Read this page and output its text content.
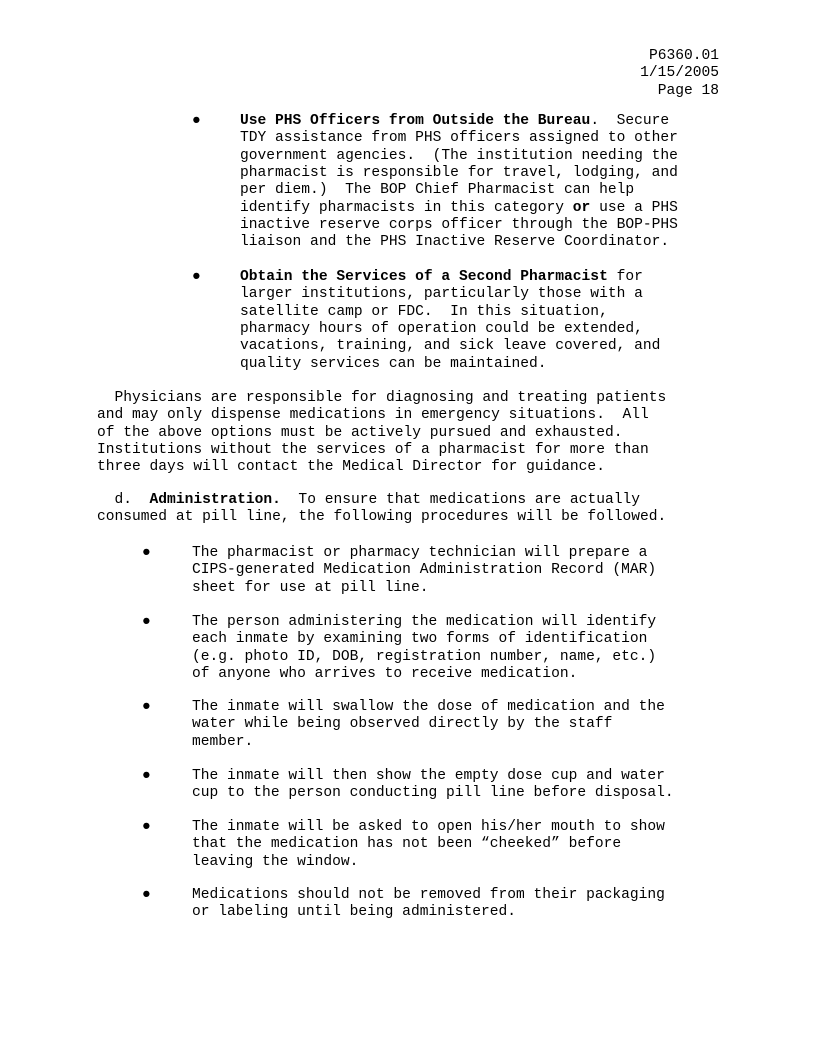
P6360.01
1/15/2005
Page 18
●	Use PHS Officers from Outside the Bureau.  Secure
TDY assistance from PHS officers assigned to other
government agencies.  (The institution needing the
pharmacist is responsible for travel, lodging, and
per diem.)  The BOP Chief Pharmacist can help
identify pharmacists in this category or use a PHS
inactive reserve corps officer through the BOP-PHS
liaison and the PHS Inactive Reserve Coordinator.
●	Obtain the Services of a Second Pharmacist for
larger institutions, particularly those with a
satellite camp or FDC.  In this situation,
pharmacy hours of operation could be extended,
vacations, training, and sick leave covered, and
quality services can be maintained.
Physicians are responsible for diagnosing and treating patients
and may only dispense medications in emergency situations.  All
of the above options must be actively pursued and exhausted.
Institutions without the services of a pharmacist for more than
three days will contact the Medical Director for guidance.
d.  Administration.  To ensure that medications are actually
consumed at pill line, the following procedures will be followed.
●	The pharmacist or pharmacy technician will prepare a
CIPS-generated Medication Administration Record (MAR)
sheet for use at pill line.
●	The person administering the medication will identify
each inmate by examining two forms of identification
(e.g. photo ID, DOB, registration number, name, etc.)
of anyone who arrives to receive medication.
●	The inmate will swallow the dose of medication and the
water while being observed directly by the staff
member.
●	The inmate will then show the empty dose cup and water
cup to the person conducting pill line before disposal.
●	The inmate will be asked to open his/her mouth to show
that the medication has not been “cheeked” before
leaving the window.
●	Medications should not be removed from their packaging
or labeling until being administered.
